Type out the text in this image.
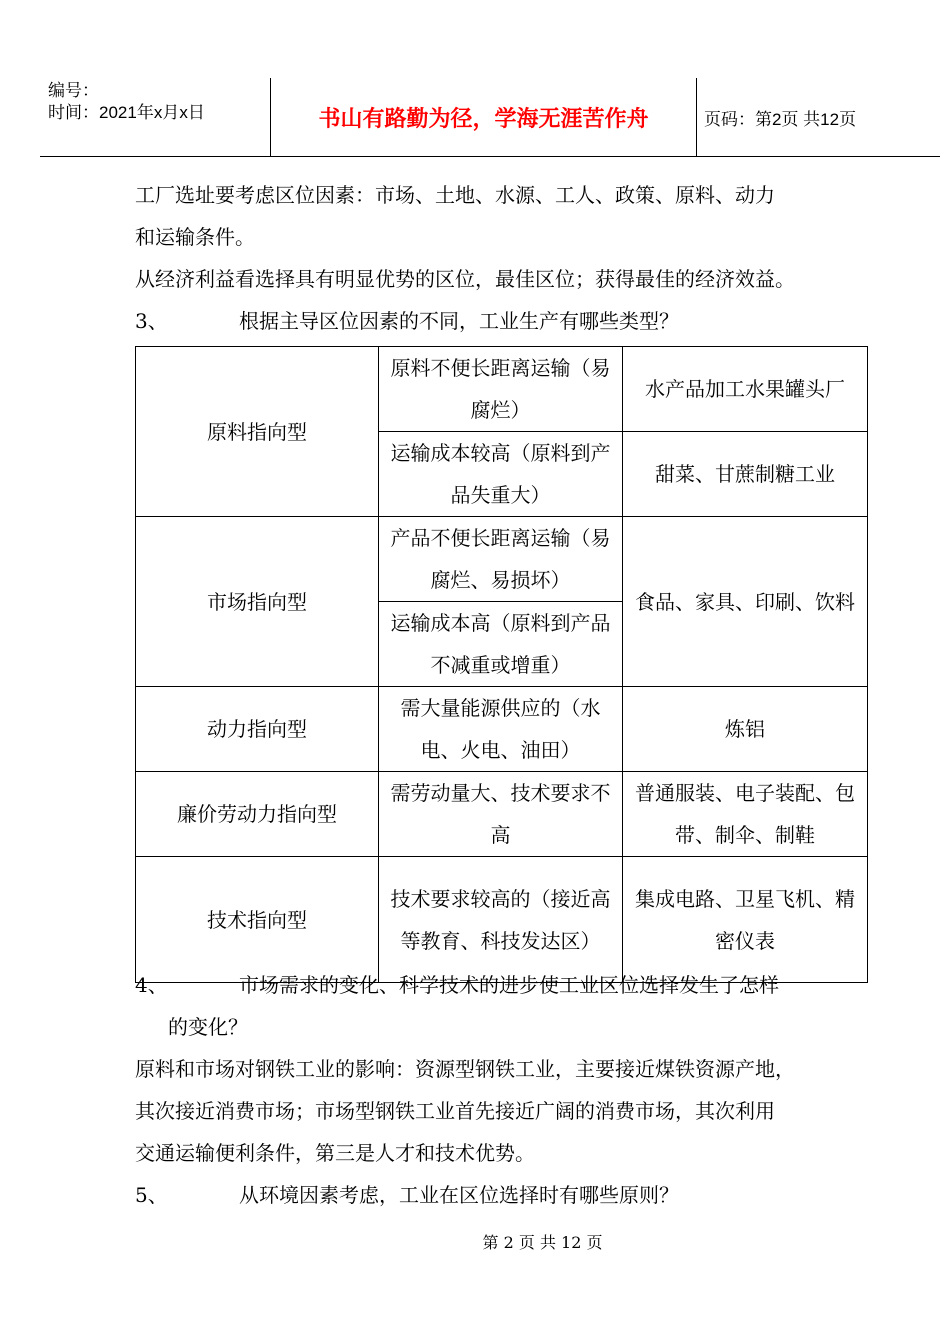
编号：
时间：2021年x月x日	书山有路勤为径，学海无涯苦作舟	页码：第2页 共12页
工厂选址要考虑区位因素：市场、土地、水源、工人、政策、原料、动力
和运输条件。
从经济利益看选择具有明显优势的区位，最佳区位；获得最佳的经济效益。
3、	根据主导区位因素的不同，工业生产有哪些类型？
原料指向型	原料不便长距离运输（易腐烂）	水产品加工水果罐头厂
	运输成本较高（原料到产品失重大）	甜菜、甘蔗制糖工业
市场指向型	产品不便长距离运输（易腐烂、易损坏）	食品、家具、印刷、饮料
	运输成本高（原料到产品不减重或增重）	
动力指向型	需大量能源供应的（水电、火电、油田）	炼铝
廉价劳动力指向型	需劳动量大、技术要求不高	普通服装、电子装配、包带、制伞、制鞋
技术指向型	技术要求较高的（接近高等教育、科技发达区）	集成电路、卫星飞机、精密仪表
4、	市场需求的变化、科学技术的进步使工业区位选择发生了怎样
的变化？
原料和市场对钢铁工业的影响：资源型钢铁工业，主要接近煤铁资源产地，
其次接近消费市场；市场型钢铁工业首先接近广阔的消费市场，其次利用
交通运输便利条件，第三是人才和技术优势。
5、	从环境因素考虑，工业在区位选择时有哪些原则？
第 2 页 共 12 页
